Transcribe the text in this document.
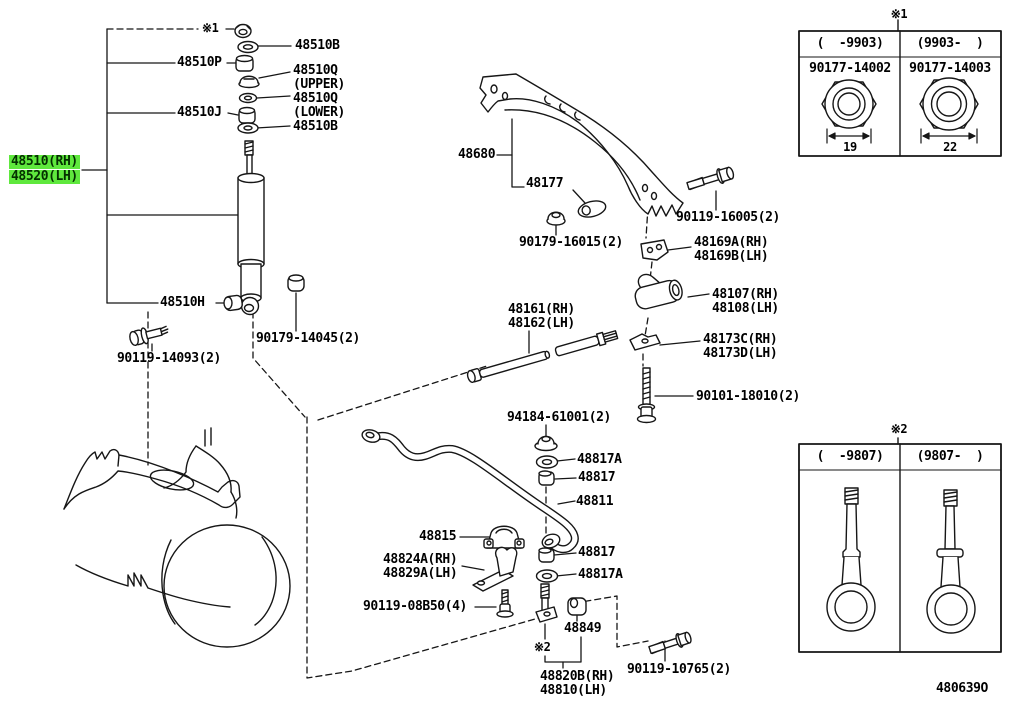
※1
48510B
48510P
48510Q
(UPPER)
48510Q
(LOWER)
48510B
48510J
48510(RH)
48520(LH)
48510H
90119-14093(2)
90179-14045(2)
48680
48177
90179-16015(2)
90119-16005(2)
48169A(RH)
48169B(LH)
48107(RH)
48108(LH)
48173C(RH)
48173D(LH)
90101-18010(2)
48161(RH)
48162(LH)
94184-61001(2)
48817A
48817
48811
48815
48824A(RH)
48829A(LH)
48817
48817A
90119-08B50(4)
48849
※2
48820B(RH)
48810(LH)
90119-10765(2)
※1
(  -9903)	(9903-  )
90177-14002	90177-14003
19	22
※2
(  -9807)	(9807-  )
480639O
